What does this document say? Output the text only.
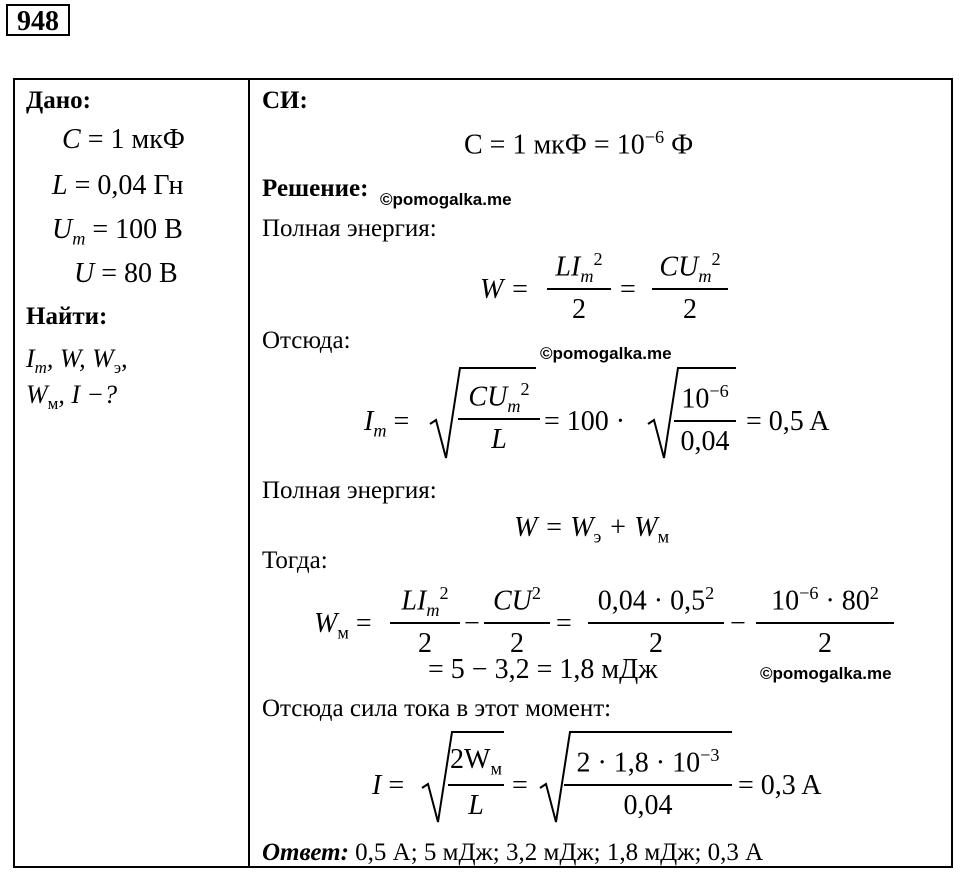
948
Дано:
C = 1 мкФ
L = 0,04 Гн
$U_m = 100$ В
U = 80 В
Найти:
$I_m$, W, $W_э$,
$W_м$, I −?
СИ:
C = 1 мкФ = $10^{-6}$ Ф
Решение: ©pomogalka.me
Полная энергия:
W =
$LI_m^2$
2
=
$CU_m^2$
2
Отсюда:	©pomogalka.me
$I_m$ =
$CU_m^2$
L
= 100 ·
$10^{-6}$
0,04
= 0,5 A
Полная энергия:
$W = W_э + W_м$
Тогда:
$W_м$ =
$LI_m^2$
2
−
$CU^2$
2
=
$0,04 \cdot 0,5^2$
2
−
$10^{-6} \cdot 80^2$
2
= 5 − 3,2 = 1,8 мДж	©pomogalka.me
Отсюда сила тока в этот момент:
I =
$2W_м$
L
=
$2 \cdot 1,8 \cdot 10^{-3}$
0,04
= 0,3 A
Ответ: 0,5 A; 5 мДж; 3,2 мДж; 1,8 мДж; 0,3 A
